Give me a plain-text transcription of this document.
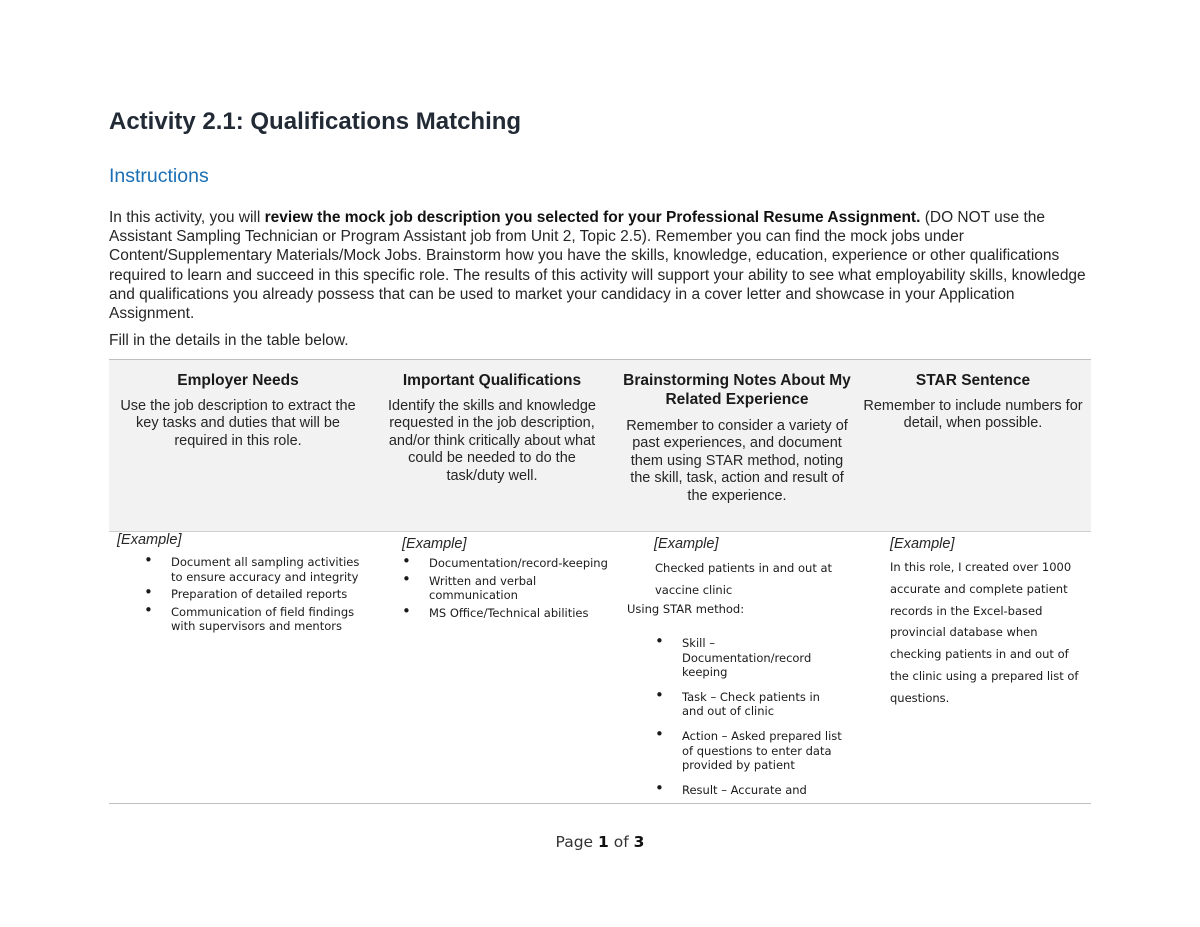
Activity 2.1: Qualifications Matching
Instructions

In this activity, you will review the mock job description you selected for your Professional Resume Assignment. (DO NOT use the Assistant Sampling Technician or Program Assistant job from Unit 2, Topic 2.5). Remember you can find the mock jobs under Content/Supplementary Materials/Mock Jobs. Brainstorm how you have the skills, knowledge, education, experience or other qualifications required to learn and succeed in this specific role. The results of this activity will support your ability to see what employability skills, knowledge and qualifications you already possess that can be used to market your candidacy in a cover letter and showcase in your Application Assignment.

Fill in the details in the table below.

Employer Needs

Use the job description to extract the key tasks and duties that will be required in this role.

Important Qualifications

Identify the skills and knowledge requested in the job description, and/or think critically about what could be needed to do the task/duty well.

Brainstorming Notes About My Related Experience

Remember to consider a variety of past experiences, and document them using STAR method, noting the skill, task, action and result of the experience.

STAR Sentence

Remember to include numbers for detail, when possible.

[Example]
• Document all sampling activities to ensure accuracy and integrity
• Preparation of detailed reports
• Communication of field findings with supervisors and mentors
[Example]
• Documentation/record-keeping
• Written and verbal communication
• MS Office/Technical abilities
[Example]
Checked patients in and out at vaccine clinic
Using STAR method:
• Skill – Documentation/record keeping
• Task – Check patients in and out of clinic
• Action – Asked prepared list of questions to enter data provided by patient
• Result – Accurate and
[Example]
In this role, I created over 1000 accurate and complete patient records in the Excel-based provincial database when checking patients in and out of the clinic using a prepared list of questions.
Page 1 of 3
